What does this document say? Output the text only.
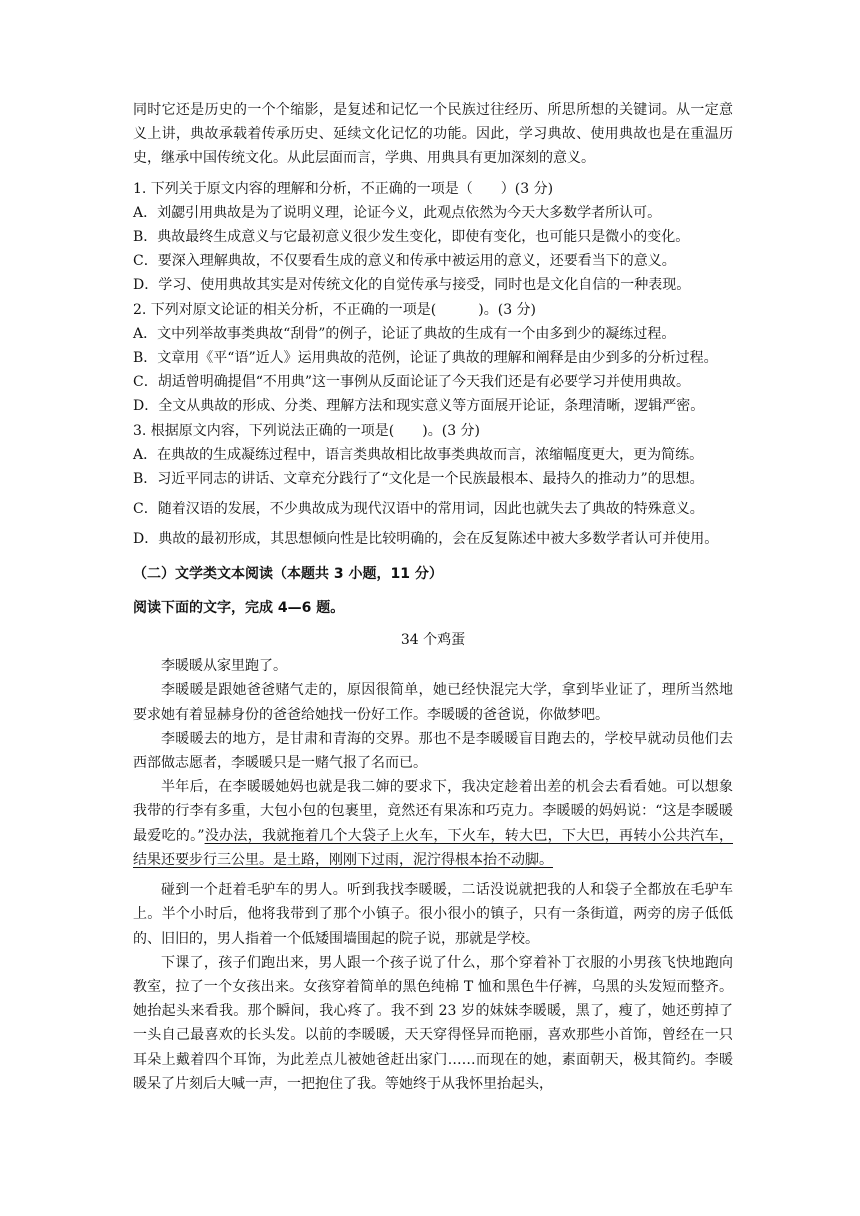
同时它还是历史的一个个缩影，是复述和记忆一个民族过往经历、所思所想的关键词。从一定意义上讲，典故承载着传承历史、延续文化记忆的功能。因此，学习典故、使用典故也是在重温历史，继承中国传统文化。从此层面而言，学典、用典具有更加深刻的意义。

1. 下列关于原文内容的理解和分析，不正确的一项是（　　）(3 分)

A．刘勰引用典故是为了说明义理，论证今义，此观点依然为今天大多数学者所认可。

B．典故最终生成意义与它最初意义很少发生变化，即使有变化，也可能只是微小的变化。

C．要深入理解典故，不仅要看生成的意义和传承中被运用的意义，还要看当下的意义。

D．学习、使用典故其实是对传统文化的自觉传承与接受，同时也是文化自信的一种表现。

2. 下列对原文论证的相关分析，不正确的一项是(　　　)。(3 分)

A．文中列举故事类典故“刮骨”的例子，论证了典故的生成有一个由多到少的凝练过程。

B．文章用《平“语”近人》运用典故的范例，论证了典故的理解和阐释是由少到多的分析过程。

C．胡适曾明确提倡“不用典”这一事例从反面论证了今天我们还是有必要学习并使用典故。

D．全文从典故的形成、分类、理解方法和现实意义等方面展开论证，条理清晰，逻辑严密。

3. 根据原文内容，下列说法正确的一项是(　　)。(3 分)

A．在典故的生成凝练过程中，语言类典故相比故事类典故而言，浓缩幅度更大，更为简练。

B．习近平同志的讲话、文章充分践行了“文化是一个民族最根本、最持久的推动力”的思想。

C．随着汉语的发展，不少典故成为现代汉语中的常用词，因此也就失去了典故的特殊意义。

D．典故的最初形成，其思想倾向性是比较明确的，会在反复陈述中被大多数学者认可并使用。

（二）文学类文本阅读（本题共 3 小题，11 分）

阅读下面的文字，完成 4—6 题。

34 个鸡蛋

李暖暖从家里跑了。

李暖暖是跟她爸爸赌气走的，原因很简单，她已经快混完大学，拿到毕业证了，理所当然地要求她有着显赫身份的爸爸给她找一份好工作。李暖暖的爸爸说，你做梦吧。

李暖暖去的地方，是甘肃和青海的交界。那也不是李暖暖盲目跑去的，学校早就动员他们去西部做志愿者，李暖暖只是一赌气报了名而已。

半年后，在李暖暖她妈也就是我二婶的要求下，我决定趁着出差的机会去看看她。可以想象我带的行李有多重，大包小包的包裹里，竟然还有果冻和巧克力。李暖暖的妈妈说：“这是李暖暖最爱吃的。”没办法，我就拖着几个大袋子上火车，下火车，转大巴，下大巴，再转小公共汽车，结果还要步行三公里。是土路，刚刚下过雨，泥泞得根本抬不动脚。

碰到一个赶着毛驴车的男人。听到我找李暖暖，二话没说就把我的人和袋子全都放在毛驴车上。半个小时后，他将我带到了那个小镇子。很小很小的镇子，只有一条街道，两旁的房子低低的、旧旧的，男人指着一个低矮围墙围起的院子说，那就是学校。

下课了，孩子们跑出来，男人跟一个孩子说了什么，那个穿着补丁衣服的小男孩飞快地跑向教室，拉了一个女孩出来。女孩穿着简单的黑色纯棉 T 恤和黑色牛仔裤，乌黑的头发短而整齐。她抬起头来看我。那个瞬间，我心疼了。我不到 23 岁的妹妹李暖暖，黑了，瘦了，她还剪掉了一头自己最喜欢的长头发。以前的李暖暖，天天穿得怪异而艳丽，喜欢那些小首饰，曾经在一只耳朵上戴着四个耳饰，为此差点儿被她爸赶出家门……而现在的她，素面朝天，极其简约。李暖暖呆了片刻后大喊一声，一把抱住了我。等她终于从我怀里抬起头，
